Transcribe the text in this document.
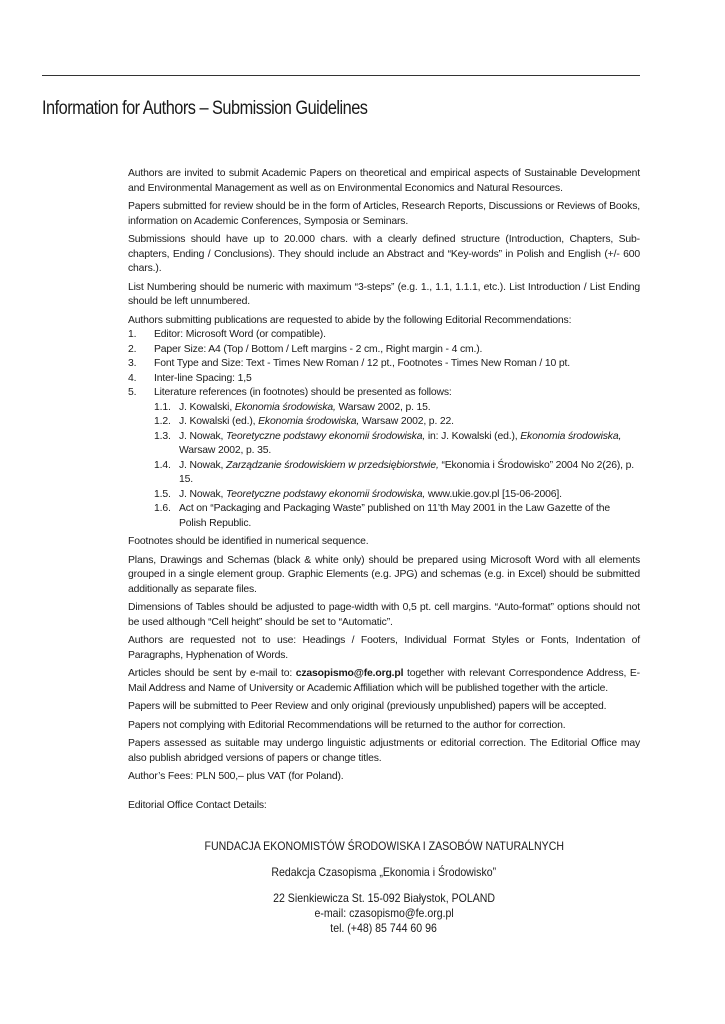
Information for Authors – Submission Guidelines

Authors are invited to submit Academic Papers on theoretical and empirical aspects of Sustainable Development and Environmental Management as well as on Environmental Economics and Natural Resources.

Papers submitted for review should be in the form of Articles, Research Reports, Discussions or Reviews of Books, information on Academic Conferences, Symposia or Seminars.

Submissions should have up to 20.000 chars. with a clearly defined structure (Introduction, Chapters, Sub-chapters, Ending / Conclusions). They should include an Abstract and “Key-words” in Polish and English (+/- 600 chars.).

List Numbering should be numeric with maximum “3-steps” (e.g. 1., 1.1, 1.1.1, etc.). List Introduction / List Ending should be left unnumbered.

Authors submitting publications are requested to abide by the following Editorial Recommendations:

1.	Editor: Microsoft Word (or compatible).
2.	Paper Size: A4 (Top / Bottom / Left margins - 2 cm., Right margin - 4 cm.).
3.	Font Type and Size: Text - Times New Roman / 12 pt., Footnotes - Times New Roman / 10 pt.
4.	Inter-line Spacing: 1,5
5.	Literature references (in footnotes) should be presented as follows:
1.1. J. Kowalski, Ekonomia środowiska, Warsaw 2002, p. 15.
1.2. J. Kowalski (ed.), Ekonomia środowiska, Warsaw 2002, p. 22.
1.3. J. Nowak, Teoretyczne podstawy ekonomii środowiska, in: J. Kowalski (ed.), Ekonomia środowiska, Warsaw 2002, p. 35.
1.4. J. Nowak, Zarządzanie środowiskiem w przedsiębiorstwie, “Ekonomia i Środowisko” 2004 No 2(26), p. 15.
1.5. J. Nowak, Teoretyczne podstawy ekonomii środowiska, www.ukie.gov.pl [15-06-2006].
1.6. Act on “Packaging and Packaging Waste” published on 11’th May 2001 in the Law Gazette of the Polish Republic.

Footnotes should be identified in numerical sequence.

Plans, Drawings and Schemas (black & white only) should be prepared using Microsoft Word with all elements grouped in a single element group. Graphic Elements (e.g. JPG) and schemas (e.g. in Excel) should be submitted additionally as separate files.

Dimensions of Tables should be adjusted to page-width with 0,5 pt. cell margins. “Auto-format” options should not be used although “Cell height” should be set to “Automatic”.

Authors are requested not to use: Headings / Footers, Individual Format Styles or Fonts, Indentation of Paragraphs, Hyphenation of Words.

Articles should be sent by e-mail to: czasopismo@fe.org.pl together with relevant Correspondence Address, E-Mail Address and Name of University or Academic Affiliation which will be published together with the article.

Papers will be submitted to Peer Review and only original (previously unpublished) papers will be accepted.

Papers not complying with Editorial Recommendations will be returned to the author for correction.

Papers assessed as suitable may undergo linguistic adjustments or editorial correction. The Editorial Office may also publish abridged versions of papers or change titles.

Author’s Fees: PLN 500,– plus VAT (for Poland).

Editorial Office Contact Details:

FUNDACJA EKONOMISTÓW ŚRODOWISKA I ZASOBÓW NATURALNYCH
Redakcja Czasopisma „Ekonomia i Środowisko”
22 Sienkiewicza St. 15-092 Białystok, POLAND
e-mail: czasopismo@fe.org.pl
tel. (+48) 85 744 60 96
